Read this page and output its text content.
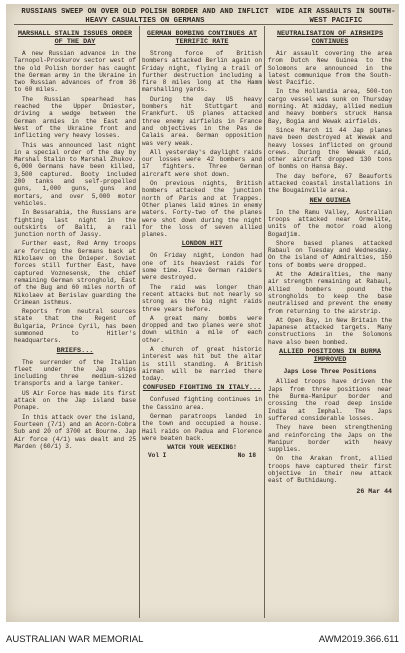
RUSSIANS SWEEP ON OVER OLD POLISH BORDER AND AND INFLICT HEAVY CASUALTIES ON GERMANS
WIDE AIR ASSAULTS IN SOUTH-WEST PACIFIC
MARSHALL STALIN ISSUES ORDER OF THE DAY

A new Russian advance in the Tarnopol-Proskurov sector west of the old Polish border has caught the German army in the Ukraine in two Russian advances of from 36 to 60 miles.

The Russian spearhead has reached the Upper Dniester, driving a wedge between the German armies in the East and West of the Ukraine front and inflicting very heavy losses.

This was announced last night in a special order of the day by Marshal Stalin to Marshal Zhukov. 6,000 Germans have been killed, 3,500 captured. Booty included 200 tanks and self-propelled guns, 1,000 guns, guns and mortars, and over 5,000 motor vehicles.

In Bessarabia, the Russians are fighting last night in the outskirts of Balti, a rail junction north of Jassy.

Further east, Red Army troops are forcing the Germans back at Nikolaev on the Dnieper. Soviet forces still further East, have captured Voznesensk, the chief remaining German stronghold, East of the Bug and 60 miles north of Nikolaev at Berislav guarding the Crimean isthmus.

Reports from neutral sources state that the Regent of Bulgaria, Prince Cyril, has been summoned to Hitler's headquarters.

BRIEFS...

The surrender of the Italian fleet under the Jap ships including three medium-sized transports and a large tanker.

US Air Force has made its first attack on the Jap island base Ponape.

In this attack over the island, Fourteen (7/1) and an Acorn-Cobra Sub and 20 of 3700 at Bourne. Jap Air force (4/1) was dealt and 25 Marden (60/1) 3.

GERMAN BOMBING CONTINUES AT TERRIFIC RATE

Strong force of British bombers attacked Berlin again on Friday night, flying a trail of further destruction including a fire 8 miles long at the Hamm marshalling yards.

During the day US heavy bombers hit Stuttgart and Frankfurt. US planes attacked three enemy airfields in France and objectives in the Pas de Calais area. German opposition was very weak.

All yesterday's daylight raids our losses were 42 bombers and 17 fighters. Three German aircraft were shot down.

On previous nights, British bombers attacked the junction north of Paris and at Trappes. Other planes laid mines in enemy waters. Forty-two of the planes were shot down during the night for the loss of seven allied planes.

LONDON HIT

On Friday night, London had one of its heaviest raids for some time. Five German raiders were destroyed.

The raid was longer than recent attacks but not nearly so strong as the big night raids three years before.

A great many bombs were dropped and two planes were shot down within a mile of each other.

A church of great historic interest was hit but the altar is still standing. A British airman will be married there today.

CONFUSED FIGHTING IN ITALY...

Confused fighting continues in the Cassino area.

German paratroops landed in the town and occupied a house. Hail raids on Padua and Florence were beaten back.

WATCH YOUR WEEKING!
Vol I	No 18
NEUTRALISATION OF AIRSHIPS CONTINUES

Air assault covering the area from Dutch New Guinea to the Solomons are announced in the latest communique from the South-West Pacific.

In the Hollandia area, 500-ton cargo vessel was sunk on Thursday morning. At midday, allied medium and heavy bombers struck Hansa Bay, Bogia and Wewak airfields.

Since March 11 44 Jap planes have been destroyed at Wewak and heavy losses inflicted on ground crews. During the Wewak raid, other aircraft dropped 130 tons of bombs on Hansa Bay.

The day before, 67 Beauforts attacked coastal installations in the Bougainville area.

NEW GUINEA

In the Ramu Valley, Australian troops attacked near Ormelite, units of the motor road along Bogadjim.

Shore based planes attacked Rabaul on Tuesday and Wednesday. On the island of Admiralties, 150 tons of bombs were dropped.

At the Admiralties, the many air strength remaining at Rabaul, Allied bombers pound the strongholds to keep the base neutralised and prevent the enemy from returning to the airstrip.

At Open Bay, in New Britain the Japanese attacked targets. Many constructions in the Solomons have also been bombed.

ALLIED POSITIONS IN BURMA IMPROVED
Japs Lose Three Positions

Allied troops have driven the Japs from three positions near the Burma-Manipur border and crossing the road deep inside India at Imphal. The Japs suffered considerable losses.

They have been strengthening and reinforcing the Japs on the Manipur border with heavy supplies.

On the Arakan front, allied troops have captured their first objective in their new attack east of Buthidaung.

26 Mar 44
AUSTRALIAN WAR MEMORIAL	AWM2019.366.611
